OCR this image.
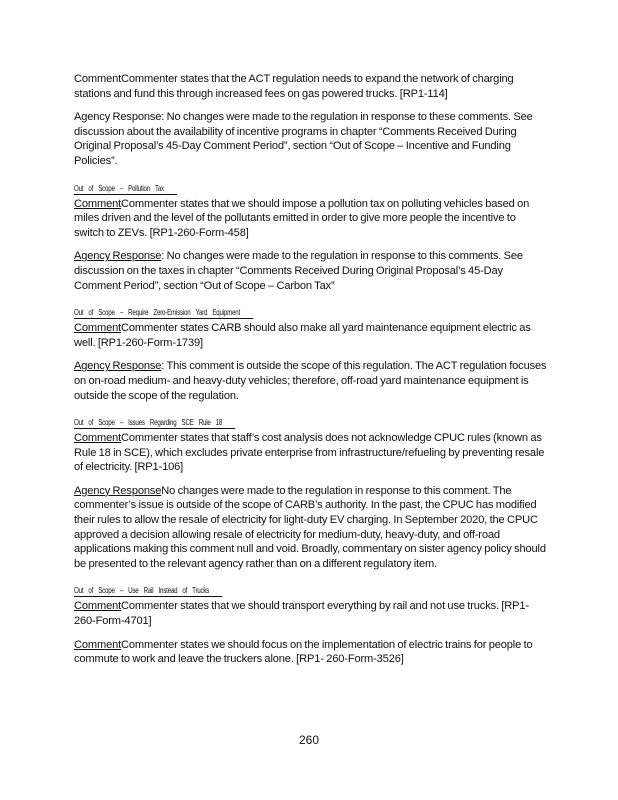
CommentCommenter states that the ACT regulation needs to expand the network of charging stations and fund this through increased fees on gas powered trucks. [RP1-114]

Agency Response: No changes were made to the regulation in response to these comments. See discussion about the availability of incentive programs in chapter “Comments Received During Original Proposal’s 45-Day Comment Period”, section “Out of Scope – Incentive and Funding Policies”.

Out of Scope – Pollution Tax

CommentCommenter states that we should impose a pollution tax on polluting vehicles based on miles driven and the level of the pollutants emitted in order to give more people the incentive to switch to ZEVs. [RP1-260-Form-458]

Agency Response: No changes were made to the regulation in response to this comments. See discussion on the taxes in chapter “Comments Received During Original Proposal’s 45-Day Comment Period”, section “Out of Scope – Carbon Tax”

Out of Scope – Require Zero-Emission Yard Equipment

CommentCommenter states CARB should also make all yard maintenance equipment electric as well. [RP1-260-Form-1739]

Agency Response: This comment is outside the scope of this regulation. The ACT regulation focuses on on-road medium- and heavy-duty vehicles; therefore, off-road yard maintenance equipment is outside the scope of the regulation.

Out of Scope – Issues Regarding SCE Rule 18

CommentCommenter states that staff’s cost analysis does not acknowledge CPUC rules (known as Rule 18 in SCE), which excludes private enterprise from infrastructure/refueling by preventing resale of electricity. [RP1-106]

Agency ResponseNo changes were made to the regulation in response to this comment. The commenter’s issue is outside of the scope of CARB’s authority. In the past, the CPUC has modified their rules to allow the resale of electricity for light-duty EV charging. In September 2020, the CPUC approved a decision allowing resale of electricity for medium-duty, heavy-duty, and off-road applications making this comment null and void. Broadly, commentary on sister agency policy should be presented to the relevant agency rather than on a different regulatory item.

Out of Scope – Use Rail Instead of Trucks

CommentCommenter states that we should transport everything by rail and not use trucks. [RP1-260-Form-4701]

CommentCommenter states we should focus on the implementation of electric trains for people to commute to work and leave the truckers alone. [RP1- 260-Form-3526]

260
